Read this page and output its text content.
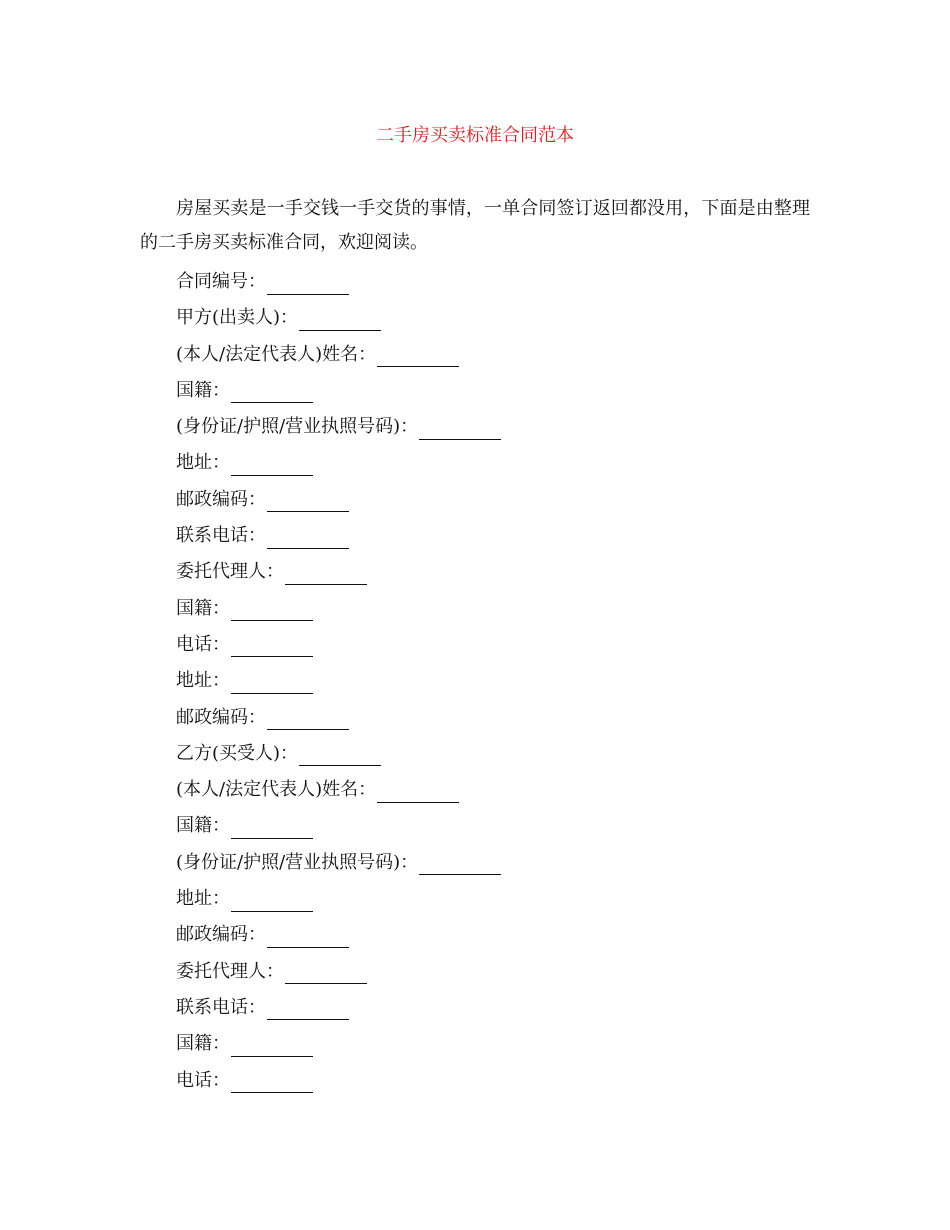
二手房买卖标准合同范本

房屋买卖是一手交钱一手交货的事情，一单合同签订返回都没用，下面是由整理的二手房买卖标准合同，欢迎阅读。

合同编号：
甲方(出卖人)：
(本人/法定代表人)姓名：
国籍：
(身份证/护照/营业执照号码)：
地址：
邮政编码：
联系电话：
委托代理人：
国籍：
电话：
地址：
邮政编码：
乙方(买受人)：
(本人/法定代表人)姓名：
国籍：
(身份证/护照/营业执照号码)：
地址：
邮政编码：
委托代理人：
联系电话：
国籍：
电话：
